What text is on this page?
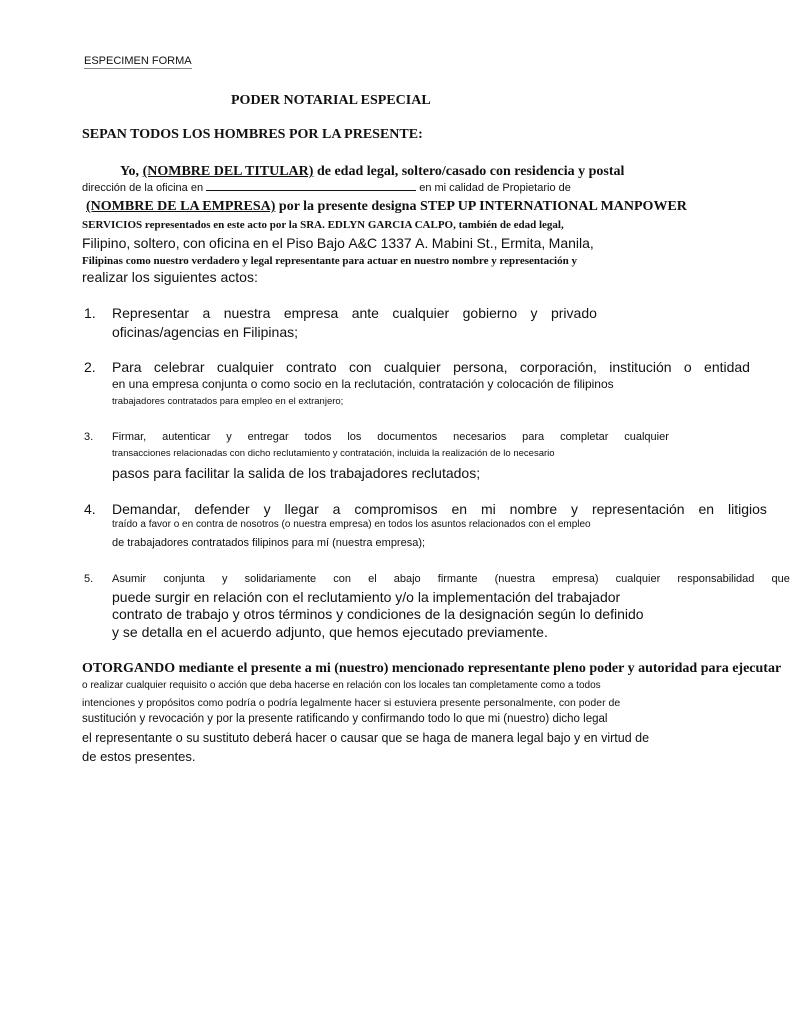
ESPECIMEN FORMA
PODER NOTARIAL ESPECIAL
SEPAN TODOS LOS HOMBRES POR LA PRESENTE:
Yo, (NOMBRE DEL TITULAR) de edad legal, soltero/casado con residencia y postal
dirección de la oficina en	en mi calidad de Propietario de
(NOMBRE DE LA EMPRESA) por la presente designa STEP UP INTERNATIONAL MANPOWER
SERVICIOS representados en este acto por la SRA. EDLYN GARCIA CALPO, también de edad legal,
Filipino, soltero, con oficina en el Piso Bajo A&C 1337 A. Mabini St., Ermita, Manila,
Filipinas como nuestro verdadero y legal representante para actuar en nuestro nombre y representación y
realizar los siguientes actos:
1. Representar a nuestra empresa ante cualquier gobierno y privado
oficinas/agencias en Filipinas;
2. Para celebrar cualquier contrato con cualquier persona, corporación, institución o entidad
en una empresa conjunta o como socio en la reclutación, contratación y colocación de filipinos
trabajadores contratados para empleo en el extranjero;
3. Firmar, autenticar y entregar todos los documentos necesarios para completar cualquier
transacciones relacionadas con dicho reclutamiento y contratación, incluida la realización de lo necesario
pasos para facilitar la salida de los trabajadores reclutados;
4. Demandar, defender y llegar a compromisos en mi nombre y representación en litigios
traído a favor o en contra de nosotros (o nuestra empresa) en todos los asuntos relacionados con el empleo
de trabajadores contratados filipinos para mí (nuestra empresa);
5. Asumir conjunta y solidariamente con el abajo firmante (nuestra empresa) cualquier responsabilidad que
puede surgir en relación con el reclutamiento y/o la implementación del trabajador
contrato de trabajo y otros términos y condiciones de la designación según lo definido
y se detalla en el acuerdo adjunto, que hemos ejecutado previamente.
OTORGANDO mediante el presente a mi (nuestro) mencionado representante pleno poder y autoridad para ejecutar
o realizar cualquier requisito o acción que deba hacerse en relación con los locales tan completamente como a todos
intenciones y propósitos como podría o podría legalmente hacer si estuviera presente personalmente, con poder de
sustitución y revocación y por la presente ratificando y confirmando todo lo que mi (nuestro) dicho legal
el representante o su sustituto deberá hacer o causar que se haga de manera legal bajo y en virtud de
de estos presentes.
